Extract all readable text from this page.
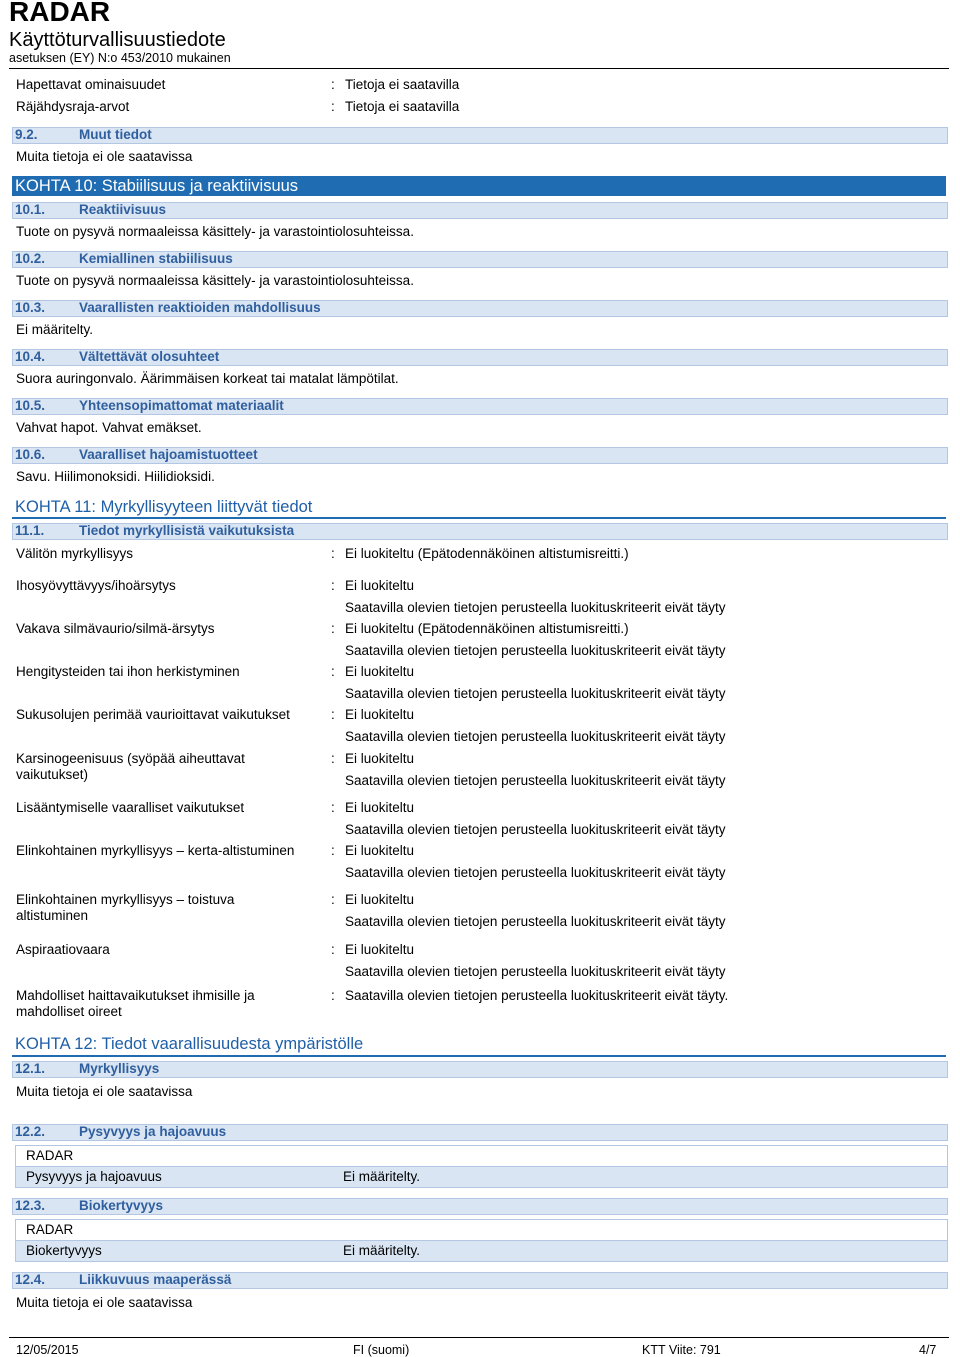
RADAR
Käyttöturvallisuustiedote
asetuksen (EY) N:o 453/2010 mukainen
Hapettavat ominaisuudet	: Tietoja ei saatavilla
Räjähdysraja-arvot	: Tietoja ei saatavilla
9.2.	Muut tiedot
Muita tietoja ei ole saatavissa
KOHTA 10: Stabiilisuus ja reaktiivisuus
10.1.	Reaktiivisuus
Tuote on pysyvä normaaleissa käsittely- ja varastointiolosuhteissa.
10.2.	Kemiallinen stabiilisuus
Tuote on pysyvä normaaleissa käsittely- ja varastointiolosuhteissa.
10.3.	Vaarallisten reaktioiden mahdollisuus
Ei määritelty.
10.4.	Vältettävät olosuhteet
Suora auringonvalo. Äärimmäisen korkeat tai matalat lämpötilat.
10.5.	Yhteensopimattomat materiaalit
Vahvat hapot. Vahvat emäkset.
10.6.	Vaaralliset hajoamistuotteet
Savu. Hiilimonoksidi. Hiilidioksidi.
KOHTA 11: Myrkyllisyyteen liittyvät tiedot
11.1.	Tiedot myrkyllisistä vaikutuksista
Välitön myrkyllisyys	: Ei luokiteltu (Epätodennäköinen altistumisreitti.)
Ihosyövyttävyys/ihoärsytys	: Ei luokiteltu
Saatavilla olevien tietojen perusteella luokituskriteerit eivät täyty
Vakava silmävaurio/silmä-ärsytys	: Ei luokiteltu (Epätodennäköinen altistumisreitti.)
Saatavilla olevien tietojen perusteella luokituskriteerit eivät täyty
Hengitysteiden tai ihon herkistyminen	: Ei luokiteltu
Saatavilla olevien tietojen perusteella luokituskriteerit eivät täyty
Sukusolujen perimää vaurioittavat vaikutukset	: Ei luokiteltu
Saatavilla olevien tietojen perusteella luokituskriteerit eivät täyty
Karsinogeenisuus (syöpää aiheuttavat
vaikutukset)
: Ei luokiteltu
Saatavilla olevien tietojen perusteella luokituskriteerit eivät täyty
Lisääntymiselle vaaralliset vaikutukset	: Ei luokiteltu
Saatavilla olevien tietojen perusteella luokituskriteerit eivät täyty
Elinkohtainen myrkyllisyys – kerta-altistuminen	: Ei luokiteltu
Saatavilla olevien tietojen perusteella luokituskriteerit eivät täyty
Elinkohtainen myrkyllisyys – toistuva
altistuminen
: Ei luokiteltu
Saatavilla olevien tietojen perusteella luokituskriteerit eivät täyty
Aspiraatiovaara	: Ei luokiteltu
Saatavilla olevien tietojen perusteella luokituskriteerit eivät täyty
Mahdolliset haittavaikutukset ihmisille ja
mahdolliset oireet
: Saatavilla olevien tietojen perusteella luokituskriteerit eivät täyty.
KOHTA 12: Tiedot vaarallisuudesta ympäristölle
12.1.	Myrkyllisyys
Muita tietoja ei ole saatavissa
12.2.	Pysyvyys ja hajoavuus
RADAR
Pysyvyys ja hajoavuus	Ei määritelty.
12.3.	Biokertyvyys
RADAR
Biokertyvyys	Ei määritelty.
12.4.	Liikkuvuus maaperässä
Muita tietoja ei ole saatavissa
12/05/2015	FI (suomi)	KTT Viite: 791	4/7
